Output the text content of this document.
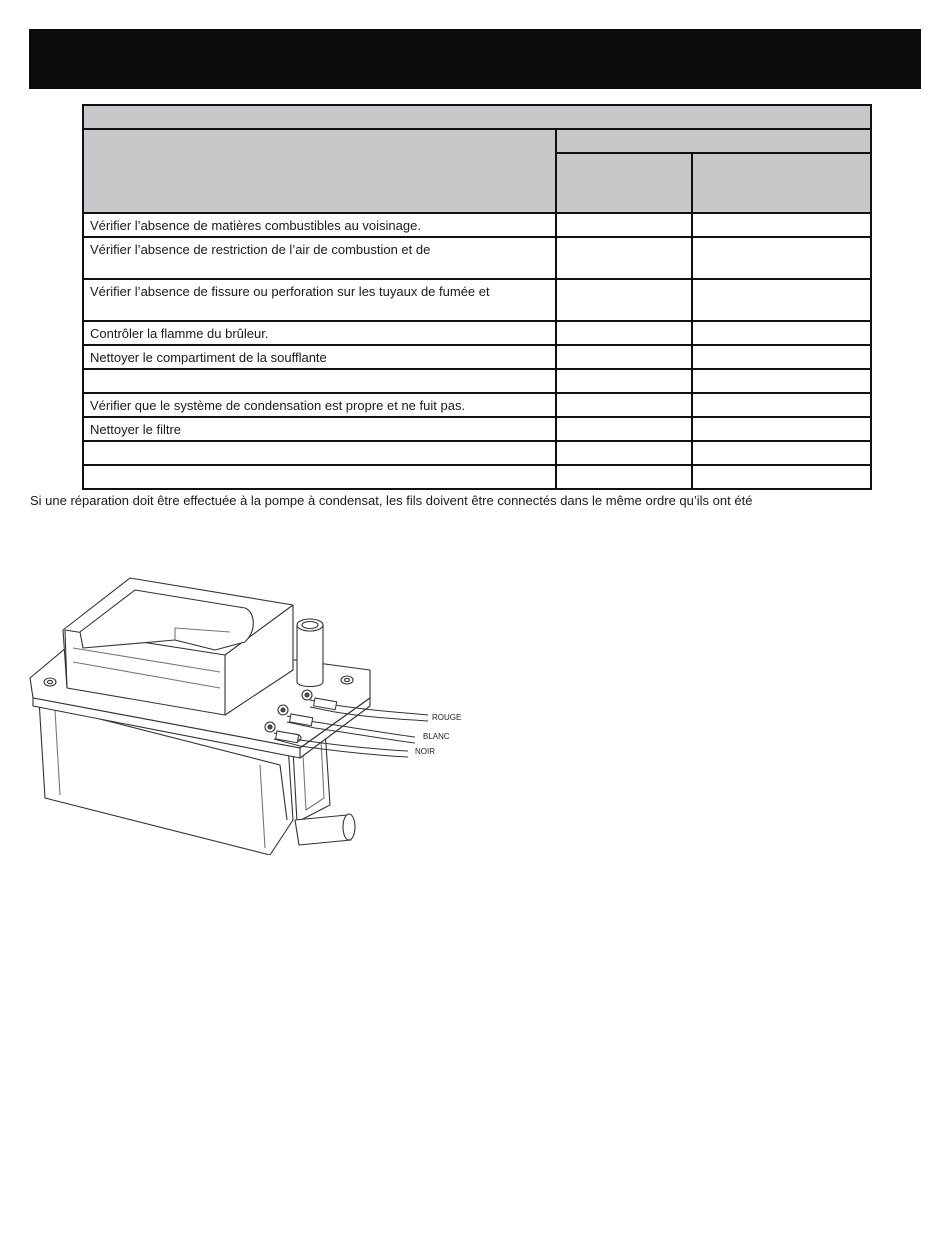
Vérifier l’absence de matières combustibles au voisinage.		
Vérifier l’absence de restriction de l’air de combustion et de		
Vérifier l’absence de fissure ou perforation sur les tuyaux de fumée et		
Contrôler la flamme du brûleur.		
Nettoyer le compartiment de la soufflante		

Vérifier que le système de condensation est propre et ne fuit pas.		
Nettoyer le filtre		

Si une réparation doit être effectuée à la pompe à condensat, les fils doivent être connectés dans le même ordre qu’ils ont été
ROUGE
BLANC
NOIR
